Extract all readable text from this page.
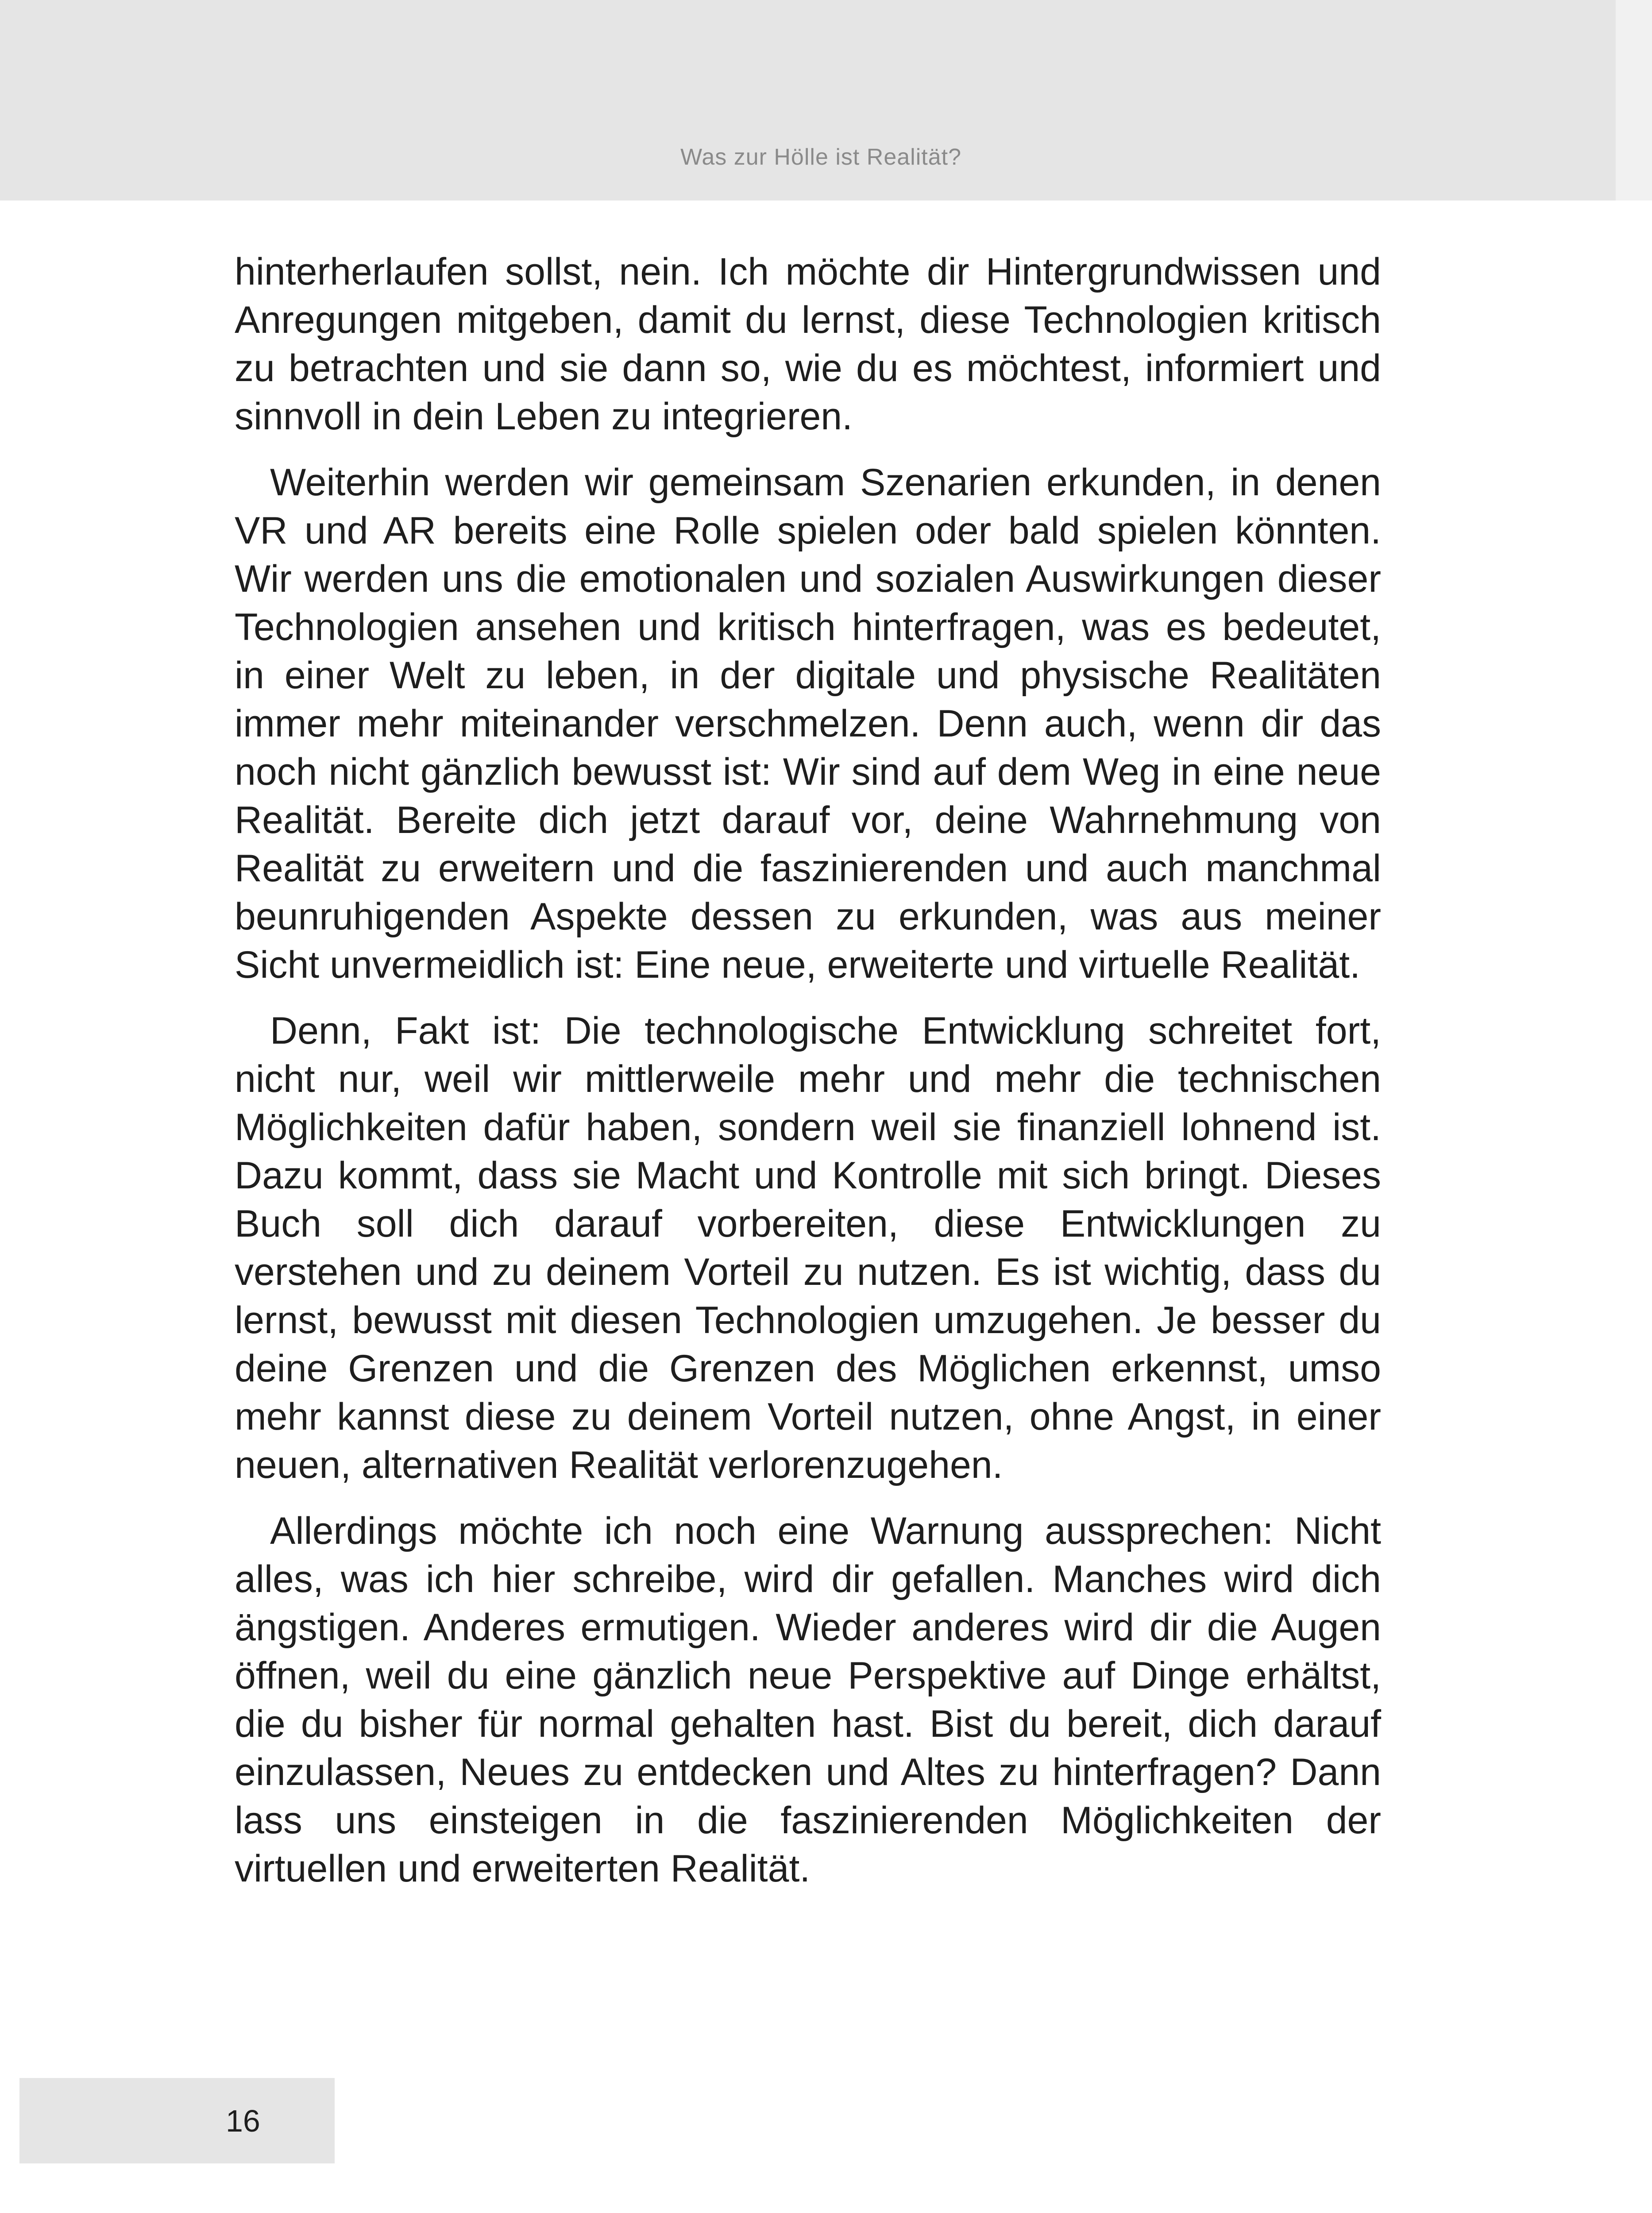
Was zur Hölle ist Realität?

hinterherlaufen sollst, nein. Ich möchte dir Hintergrundwissen und Anregungen mitgeben, damit du lernst, diese Technologien kritisch zu betrachten und sie dann so, wie du es möchtest, informiert und sinnvoll in dein Leben zu integrieren.

Weiterhin werden wir gemeinsam Szenarien erkunden, in denen VR und AR bereits eine Rolle spielen oder bald spielen könnten. Wir werden uns die emotionalen und sozialen Auswirkungen dieser Technologien ansehen und kritisch hinterfragen, was es bedeutet, in einer Welt zu leben, in der digitale und physische Realitäten immer mehr miteinander verschmelzen. Denn auch, wenn dir das noch nicht gänzlich bewusst ist: Wir sind auf dem Weg in eine neue Realität. Bereite dich jetzt darauf vor, deine Wahrnehmung von Realität zu erweitern und die faszinierenden und auch manchmal beunruhigenden Aspekte dessen zu erkunden, was aus meiner Sicht unvermeidlich ist: Eine neue, erweiterte und virtuelle Realität.

Denn, Fakt ist: Die technologische Entwicklung schreitet fort, nicht nur, weil wir mittlerweile mehr und mehr die technischen Möglichkeiten dafür haben, sondern weil sie finanziell lohnend ist. Dazu kommt, dass sie Macht und Kontrolle mit sich bringt. Dieses Buch soll dich darauf vorbereiten, diese Entwicklungen zu verstehen und zu deinem Vorteil zu nutzen. Es ist wichtig, dass du lernst, bewusst mit diesen Technologien umzugehen. Je besser du deine Grenzen und die Grenzen des Möglichen erkennst, umso mehr kannst diese zu deinem Vorteil nutzen, ohne Angst, in einer neuen, alternativen Realität verlorenzugehen.

Allerdings möchte ich noch eine Warnung aussprechen: Nicht alles, was ich hier schreibe, wird dir gefallen. Manches wird dich ängstigen. Anderes ermutigen. Wieder anderes wird dir die Augen öffnen, weil du eine gänzlich neue Perspektive auf Dinge erhältst, die du bisher für normal gehalten hast. Bist du bereit, dich darauf einzulassen, Neues zu entdecken und Altes zu hinterfragen? Dann lass uns einsteigen in die faszinierenden Möglichkeiten der virtuellen und erweiterten Realität.

16
